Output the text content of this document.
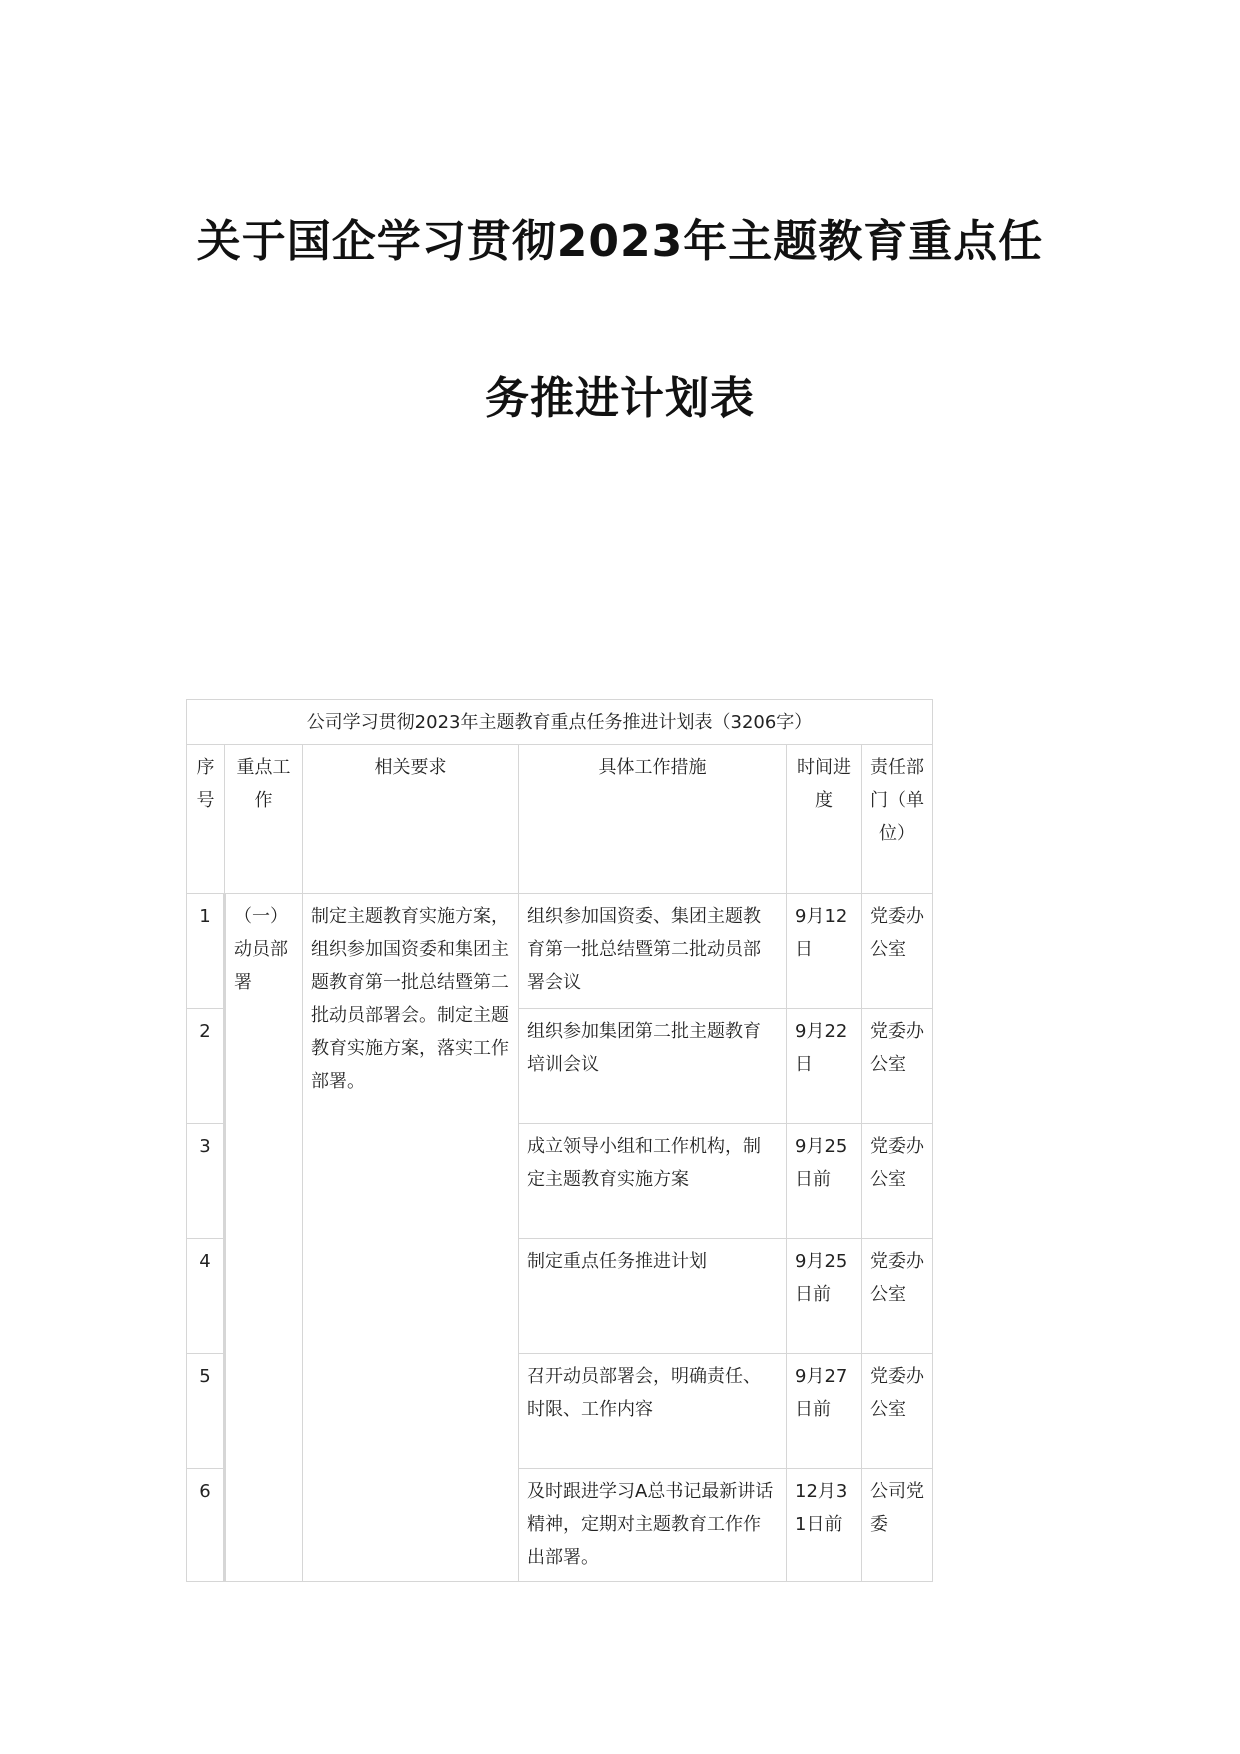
关于国企学习贯彻2023年主题教育重点任
务推进计划表
公司学习贯彻2023年主题教育重点任务推进计划表（3206字）					
序号	重点工作	相关要求	具体工作措施	时间进度	责任部门（单位）
1	（一）动员部署	制定主题教育实施方案，组织参加国资委和集团主题教育第一批总结暨第二批动员部署会。制定主题教育实施方案，落实工作部署。	组织参加国资委、集团主题教育第一批总结暨第二批动员部署会议	9月12日	党委办公室
2			组织参加集团第二批主题教育培训会议	9月22日	党委办公室
3			成立领导小组和工作机构，制定主题教育实施方案	9月25日前	党委办公室
4			制定重点任务推进计划	9月25日前	党委办公室
5			召开动员部署会，明确责任、时限、工作内容	9月27日前	党委办公室
6			及时跟进学习A总书记最新讲话精神，定期对主题教育工作作出部署。	12月31日前	公司党委
